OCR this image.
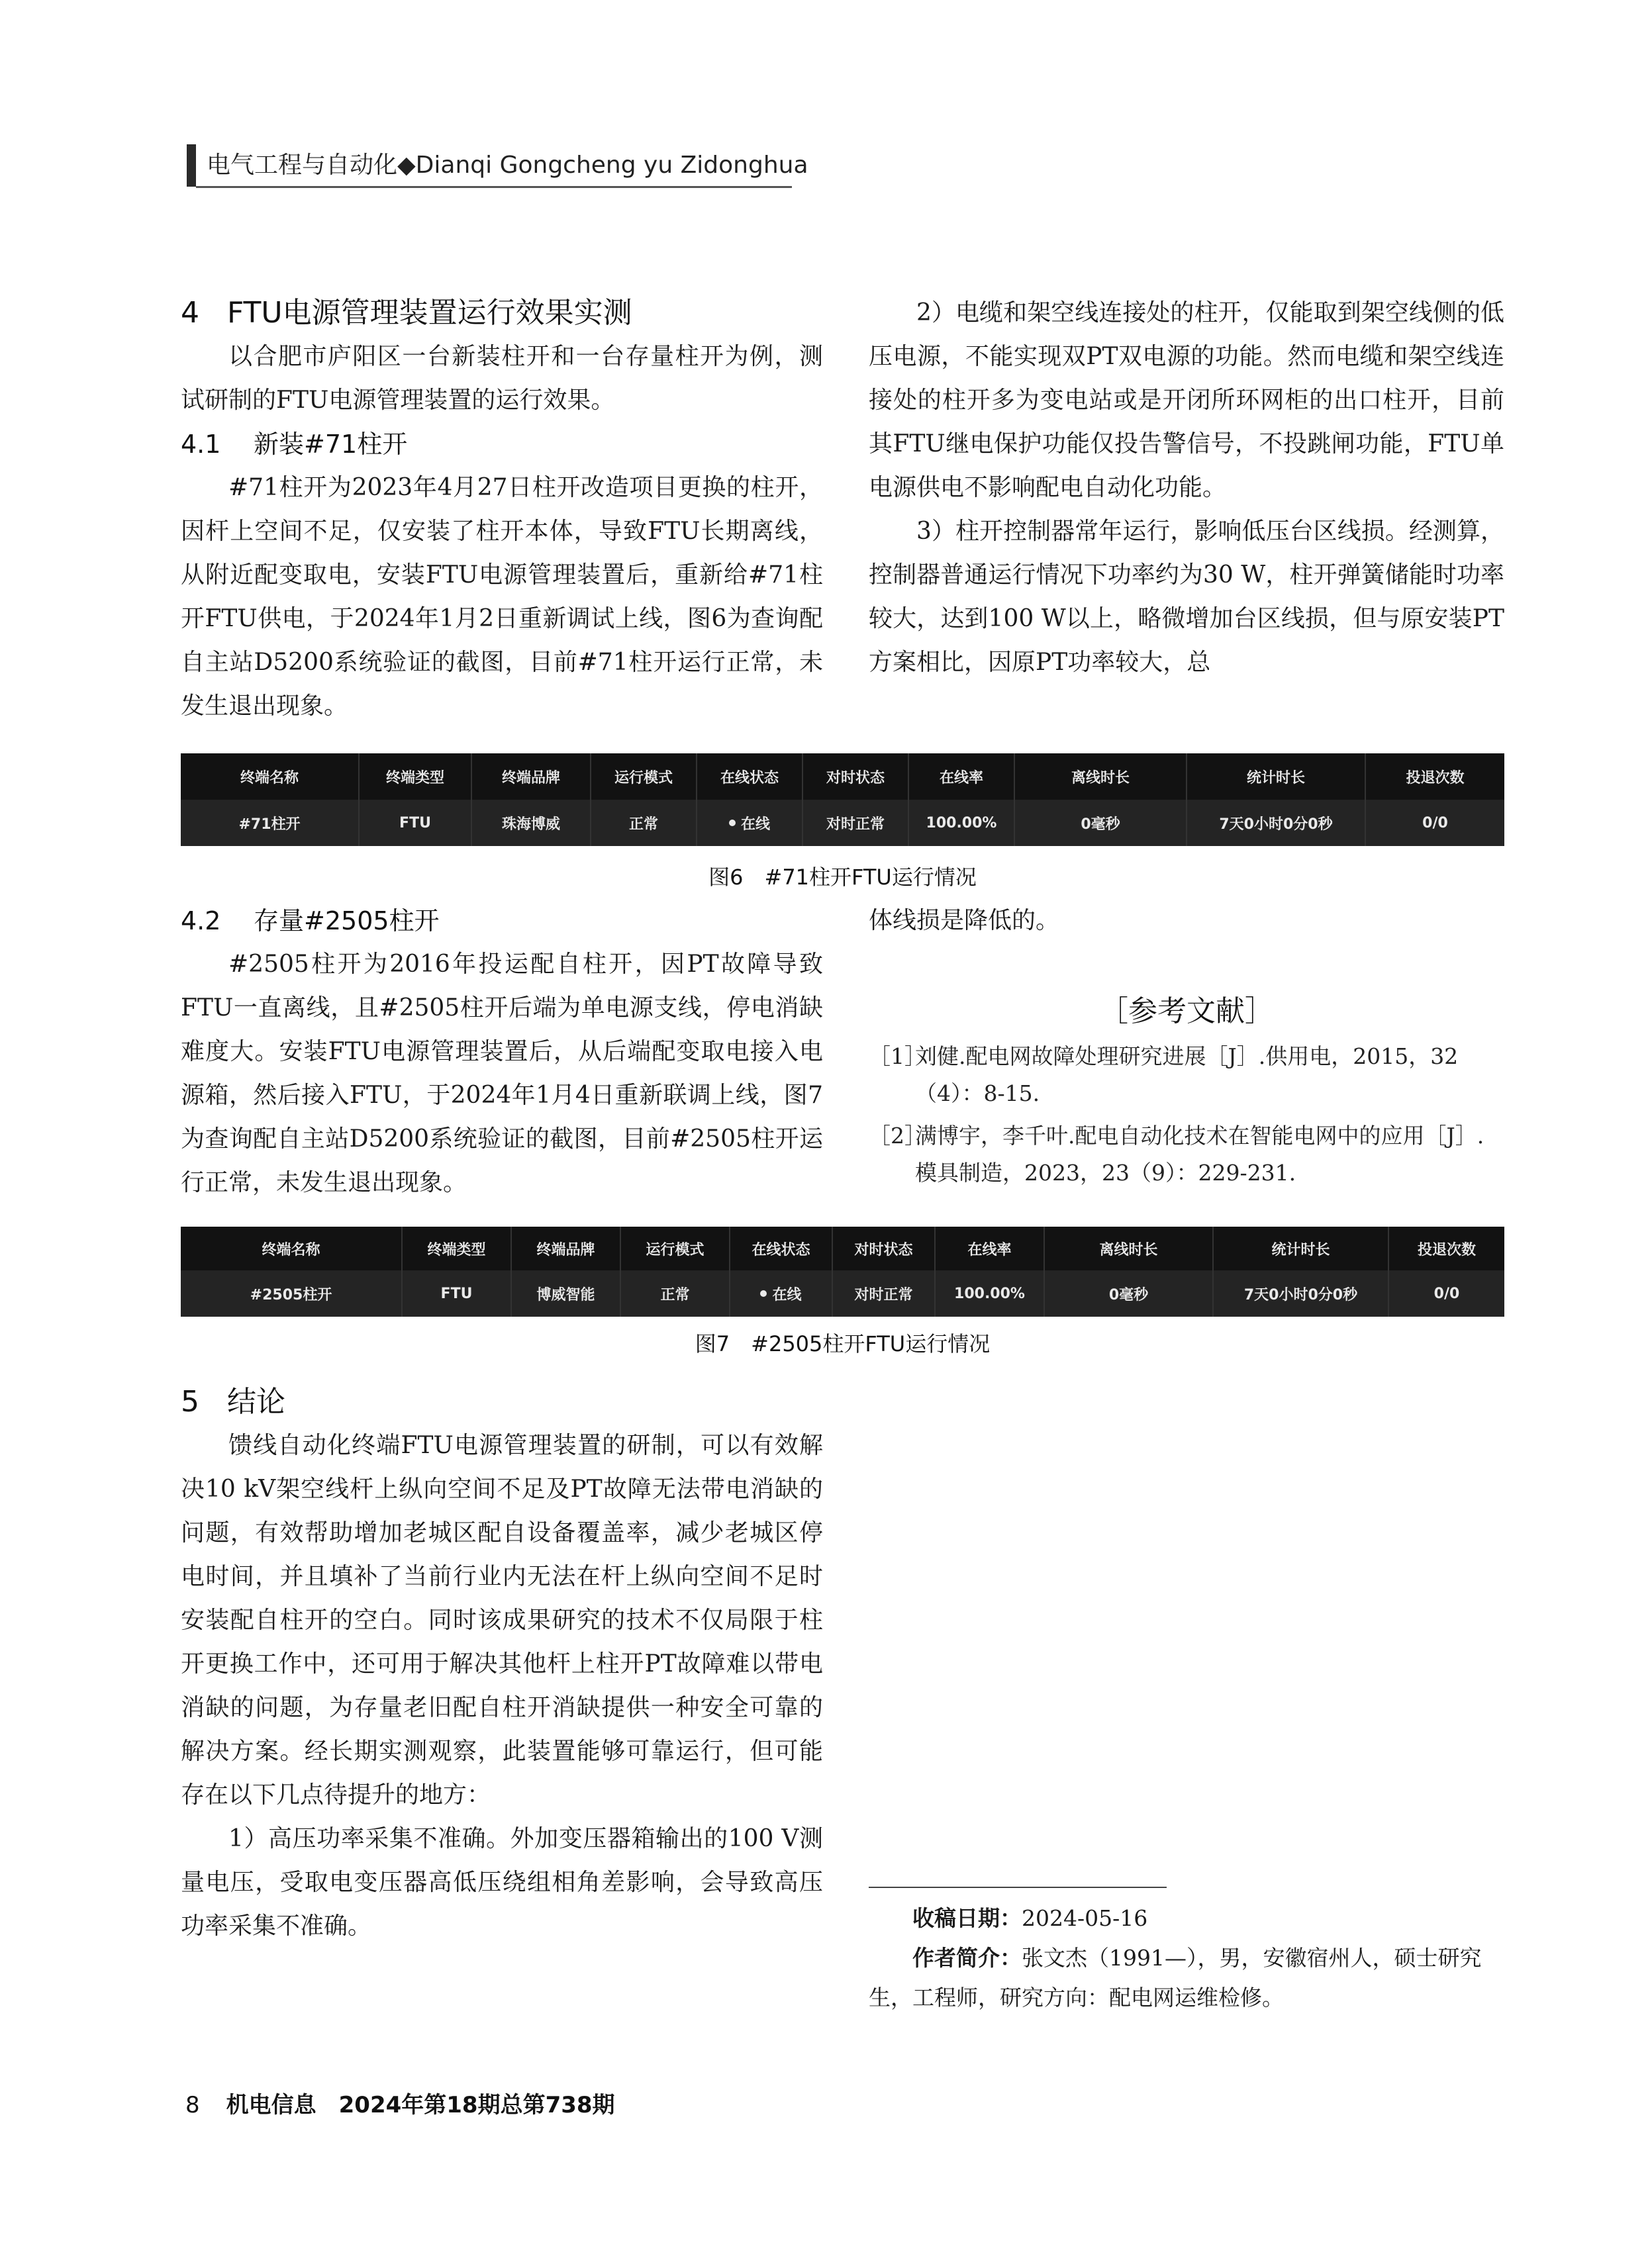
电气工程与自动化◆Dianqi Gongcheng yu Zidonghua
4 FTU电源管理装置运行效果实测

以合肥市庐阳区一台新装柱开和一台存量柱开为例，测试研制的FTU电源管理装置的运行效果。

4.1 新装#71柱开

#71柱开为2023年4月27日柱开改造项目更换的柱开，因杆上空间不足，仅安装了柱开本体，导致FTU长期离线，从附近配变取电，安装FTU电源管理装置后，重新给#71柱开FTU供电，于2024年1月2日重新调试上线，图6为查询配自主站D5200系统验证的截图，目前#71柱开运行正常，未发生退出现象。

2）电缆和架空线连接处的柱开，仅能取到架空线侧的低压电源，不能实现双PT双电源的功能。然而电缆和架空线连接处的柱开多为变电站或是开闭所环网柜的出口柱开，目前其FTU继电保护功能仅投告警信号，不投跳闸功能，FTU单电源供电不影响配电自动化功能。

3）柱开控制器常年运行，影响低压台区线损。经测算，控制器普通运行情况下功率约为30 W，柱开弹簧储能时功率较大，达到100 W以上，略微增加台区线损，但与原安装PT方案相比，因原PT功率较大，总

终端名称	终端类型	终端品牌	运行模式	在线状态	对时状态	在线率	离线时长	统计时长	投退次数
#71柱开	FTU	珠海博威	正常	在线	对时正常	100.00%	0毫秒	7天0小时0分0秒	0/0
图6　#71柱开FTU运行情况
4.2 存量#2505柱开

#2505柱开为2016年投运配自柱开，因PT故障导致FTU一直离线，且#2505柱开后端为单电源支线，停电消缺难度大。安装FTU电源管理装置后，从后端配变取电接入电源箱，然后接入FTU，于2024年1月4日重新联调上线，图7为查询配自主站D5200系统验证的截图，目前#2505柱开运行正常，未发生退出现象。

体线损是降低的。

［参考文献］
［1］
刘健.配电网故障处理研究进展［J］.供用电，2015，32（4）：8-15.
［2］
满博宇，李千叶.配电自动化技术在智能电网中的应用［J］.模具制造，2023，23（9）：229-231.
终端名称	终端类型	终端品牌	运行模式	在线状态	对时状态	在线率	离线时长	统计时长	投退次数
#2505柱开	FTU	博威智能	正常	在线	对时正常	100.00%	0毫秒	7天0小时0分0秒	0/0
图7　#2505柱开FTU运行情况
5 结论

馈线自动化终端FTU电源管理装置的研制，可以有效解决10 kV架空线杆上纵向空间不足及PT故障无法带电消缺的问题，有效帮助增加老城区配自设备覆盖率，减少老城区停电时间，并且填补了当前行业内无法在杆上纵向空间不足时安装配自柱开的空白。同时该成果研究的技术不仅局限于柱开更换工作中，还可用于解决其他杆上柱开PT故障难以带电消缺的问题，为存量老旧配自柱开消缺提供一种安全可靠的解决方案。经长期实测观察，此装置能够可靠运行，但可能存在以下几点待提升的地方：

1）高压功率采集不准确。外加变压器箱输出的100 V测量电压，受取电变压器高低压绕组相角差影响，会导致高压功率采集不准确。	收稿日期：2024-05-16

作者简介：张文杰（1991—），男，安徽宿州人，硕士研究生，工程师，研究方向：配电网运维检修。

8 机电信息　2024年第18期总第738期
